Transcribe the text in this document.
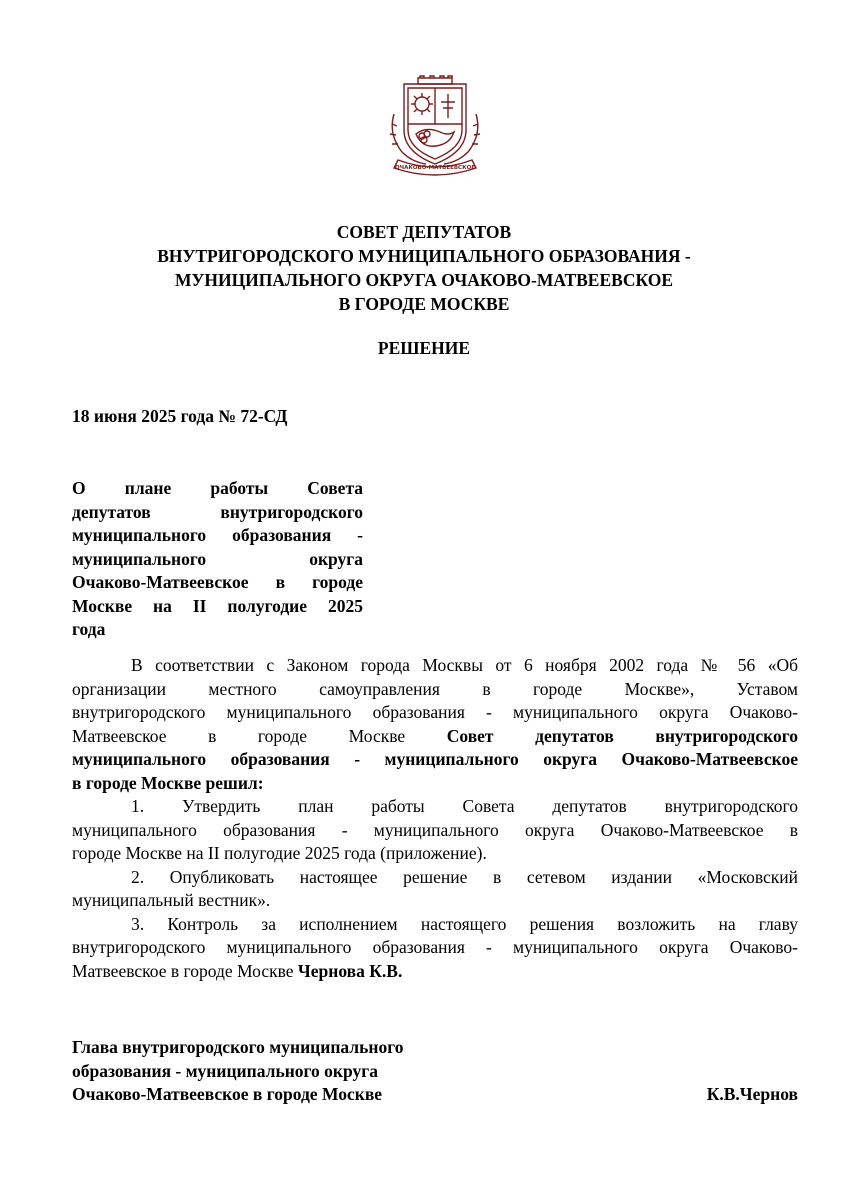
ОЧАКОВО-МАТВЕЕВСКОЕ
СОВЕТ ДЕПУТАТОВ
ВНУТРИГОРОДСКОГО МУНИЦИПАЛЬНОГО ОБРАЗОВАНИЯ -
МУНИЦИПАЛЬНОГО ОКРУГА ОЧАКОВО-МАТВЕЕВСКОЕ
В ГОРОДЕ МОСКВЕ
РЕШЕНИЕ
18 июня 2025 года № 72-СД
О плане работы Совета
депутатов внутригородского
муниципального образования -
муниципального округа
Очаково-Матвеевское в городе
Москве на II полугодие 2025
года
В соответствии с Законом города Москвы от 6 ноября 2002 года № 56 «Об
организации местного самоуправления в городе Москве», Уставом
внутригородского муниципального образования - муниципального округа Очаково-
Матвеевское в городе Москве Совет депутатов внутригородского
муниципального образования - муниципального округа Очаково-Матвеевское
в городе Москве решил:
1. Утвердить план работы Совета депутатов внутригородского
муниципального образования - муниципального округа Очаково-Матвеевское в
городе Москве на II полугодие 2025 года (приложение).
2. Опубликовать настоящее решение в сетевом издании «Московский
муниципальный вестник».
3. Контроль за исполнением настоящего решения возложить на главу
внутригородского муниципального образования - муниципального округа Очаково-
Матвеевское в городе Москве Чернова К.В.
Глава внутригородского муниципального
образования - муниципального округа
Очаково-Матвеевское в городе Москве	К.В.Чернов
